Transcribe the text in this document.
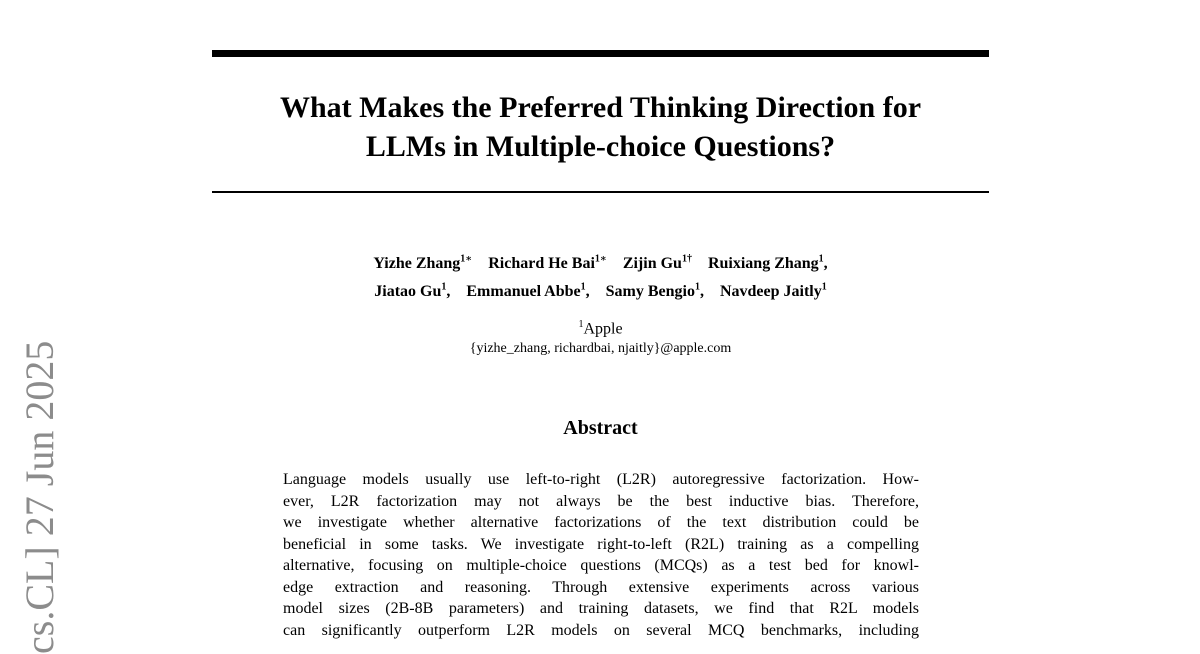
What Makes the Preferred Thinking Direction for
LLMs in Multiple-choice Questions?
Yizhe Zhang$^{1∗}$ Richard He Bai$^{1∗}$ Zijin $Gu^{1\dagger}$ Ruixiang Zhang$^1$,
Jiatao Gu$^1$, Emmanuel Abbe$^1$, Samy Bengio$^1$, Navdeep Jaitly$^1$
$^1$Apple
{yizhe_zhang, richardbai, njaitly}@apple.com
Abstract
Language models usually use left-to-right (L2R) autoregressive factorization. How-
ever, L2R factorization may not always be the best inductive bias. Therefore,
we investigate whether alternative factorizations of the text distribution could be
beneficial in some tasks. We investigate right-to-left (R2L) training as a compelling
alternative, focusing on multiple-choice questions (MCQs) as a test bed for knowl-
edge extraction and reasoning. Through extensive experiments across various
model sizes (2B-8B parameters) and training datasets, we find that R2L models
can significantly outperform L2R models on several MCQ benchmarks, including
cs.CL] 27 Jun 2025
